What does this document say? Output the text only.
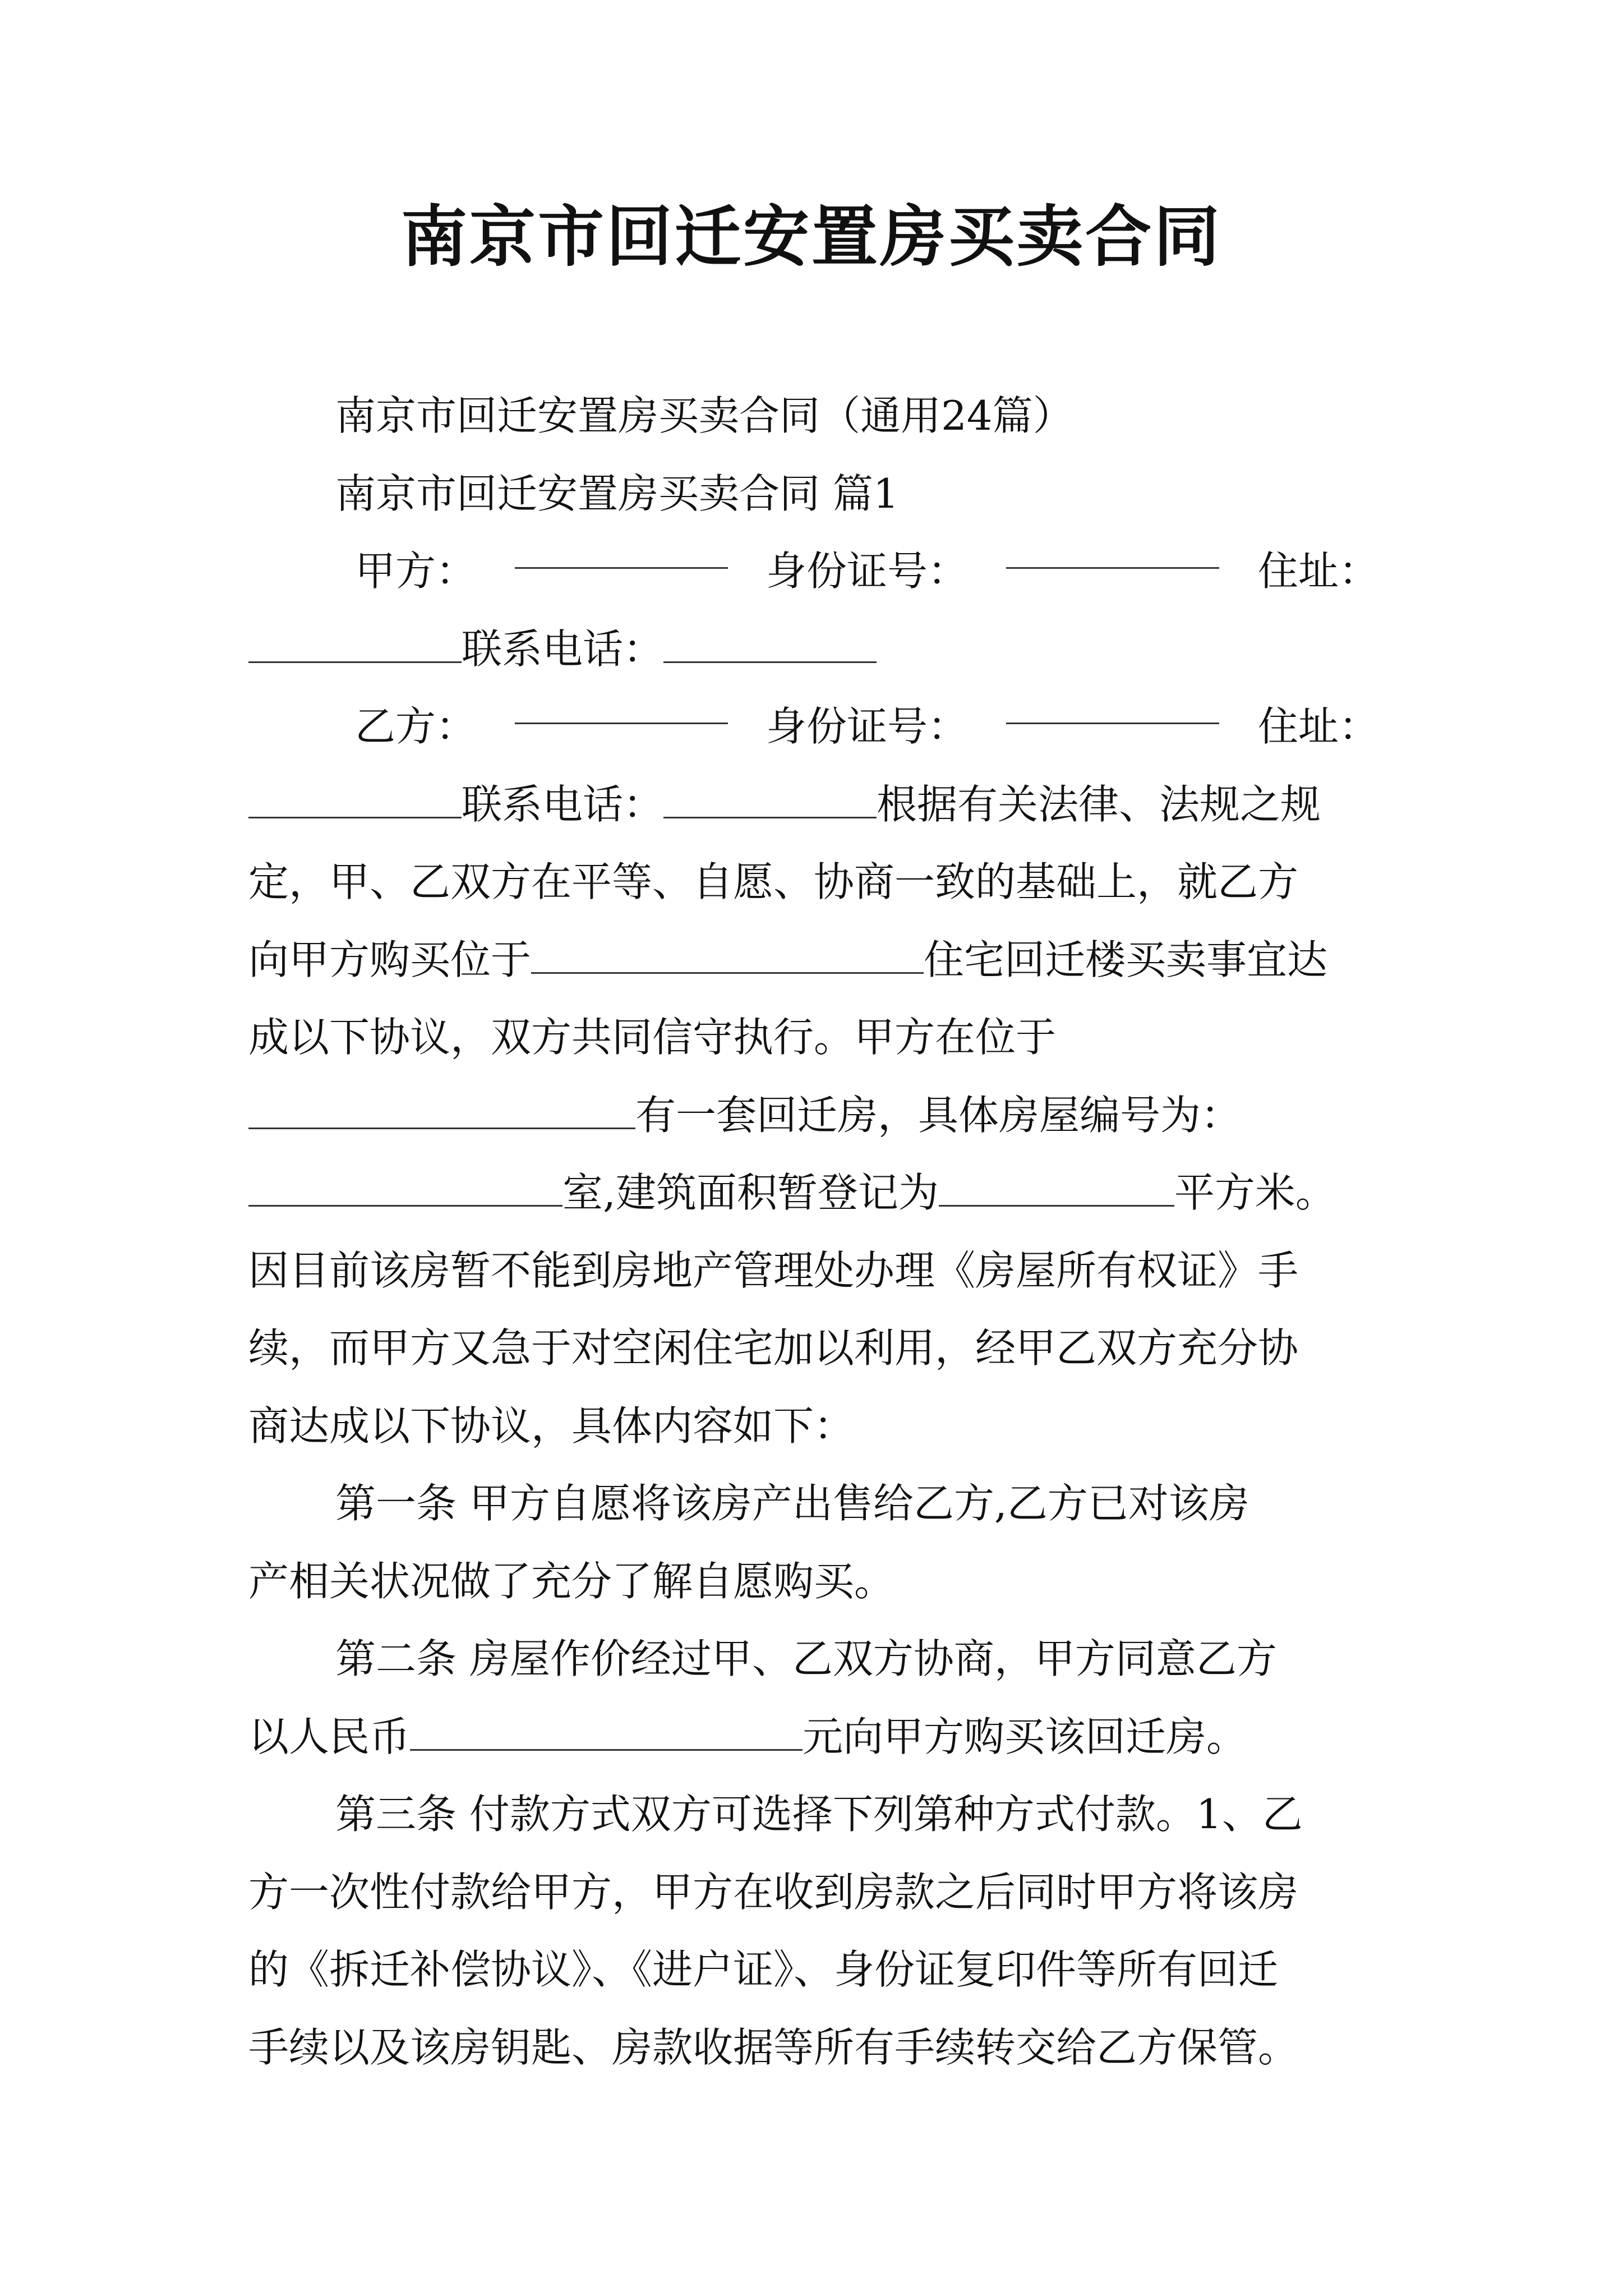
南京市回迁安置房买卖合同
南京市回迁安置房买卖合同（通用24篇）
南京市回迁安置房买卖合同 篇1
甲方：	身份证号：	住址：
联系电话：
乙方：	身份证号：	住址：
联系电话：	根据有关法律、法规之规
定，甲、乙双方在平等、自愿、协商一致的基础上，就乙方
向甲方购买位于	住宅回迁楼买卖事宜达
成以下协议，双方共同信守执行。甲方在位于
有一套回迁房，具体房屋编号为：
室,建筑面积暂登记为	平方米。
因目前该房暂不能到房地产管理处办理《房屋所有权证》手
续，而甲方又急于对空闲住宅加以利用，经甲乙双方充分协
商达成以下协议，具体内容如下：
第一条 甲方自愿将该房产出售给乙方,乙方已对该房
产相关状况做了充分了解自愿购买。
第二条 房屋作价经过甲、乙双方协商，甲方同意乙方
以人民币	元向甲方购买该回迁房。
第三条 付款方式双方可选择下列第种方式付款。1、乙
方一次性付款给甲方，甲方在收到房款之后同时甲方将该房
的《拆迁补偿协议》、《进户证》、身份证复印件等所有回迁
手续以及该房钥匙、房款收据等所有手续转交给乙方保管。
